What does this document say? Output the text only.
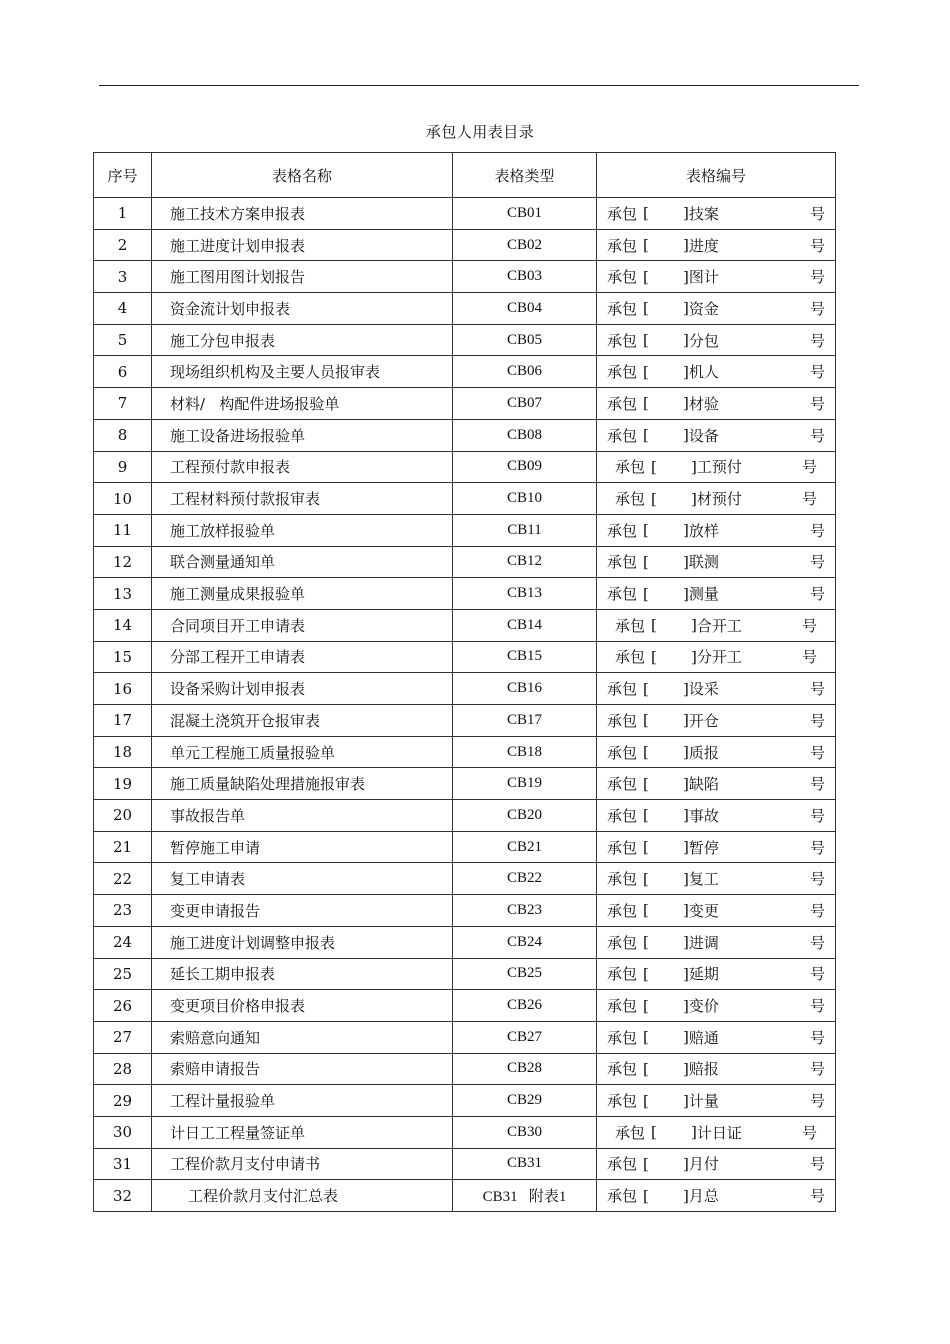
承包人用表目录
序号	表格名称	表格类型	表格编号
1	施工技术方案申报表	CB01	承包 [ ] 技案 号

2	施工进度计划申报表	CB02	承包 [ ] 进度 号

3	施工图用图计划报告	CB03	承包 [ ] 图计 号

4	资金流计划申报表	CB04	承包 [ ] 资金 号

5	施工分包申报表	CB05	承包 [ ] 分包 号

6	现场组织机构及主要人员报审表	CB06	承包 [ ] 机人 号

7	材料/   构配件进场报验单	CB07	承包 [ ] 材验 号

8	施工设备进场报验单	CB08	承包 [ ] 设备 号

9	工程预付款申报表	CB09	承包 [ ] 工预付 号

10	工程材料预付款报审表	CB10	承包 [ ] 材预付 号

11	施工放样报验单	CB11	承包 [ ] 放样 号

12	联合测量通知单	CB12	承包 [ ] 联测 号

13	施工测量成果报验单	CB13	承包 [ ] 测量 号

14	合同项目开工申请表	CB14	承包 [ ] 合开工 号

15	分部工程开工申请表	CB15	承包 [ ] 分开工 号

16	设备采购计划申报表	CB16	承包 [ ] 设采 号

17	混凝土浇筑开仓报审表	CB17	承包 [ ] 开仓 号

18	单元工程施工质量报验单	CB18	承包 [ ] 质报 号

19	施工质量缺陷处理措施报审表	CB19	承包 [ ] 缺陷 号

20	事故报告单	CB20	承包 [ ] 事故 号

21	暂停施工申请	CB21	承包 [ ] 暂停 号

22	复工申请表	CB22	承包 [ ] 复工 号

23	变更申请报告	CB23	承包 [ ] 变更 号

24	施工进度计划调整申报表	CB24	承包 [ ] 进调 号

25	延长工期申报表	CB25	承包 [ ] 延期 号

26	变更项目价格申报表	CB26	承包 [ ] 变价 号

27	索赔意向通知	CB27	承包 [ ] 赔通 号

28	索赔申请报告	CB28	承包 [ ] 赔报 号

29	工程计量报验单	CB29	承包 [ ] 计量 号

30	计日工工程量签证单	CB30	承包 [ ] 计日证 号

31	工程价款月支付申请书	CB31	承包 [ ] 月付 号

32	工程价款月支付汇总表	CB31   附表1	承包 [ ] 月总 号
